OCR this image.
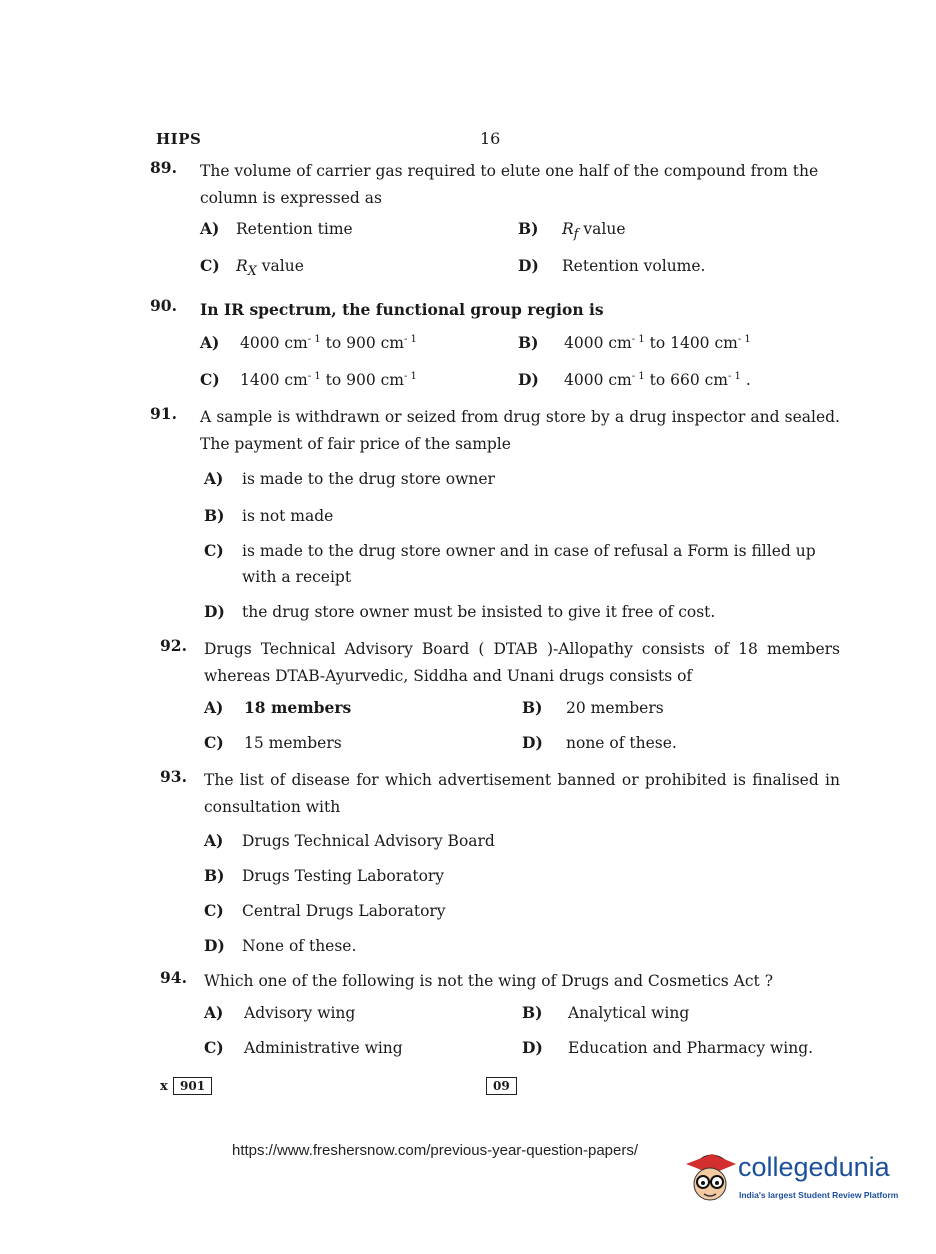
HIPS	16
89.	The volume of carrier gas required to elute one half of the compound from the column is expressed as
A) Retention time	B) $R_f$ value
C) $R_X$ value	D) Retention volume.
90.	In IR spectrum, the functional group region is
A) 4000 $cm^{- 1}$ to 900 $cm^{- 1}$	B) 4000 $cm^{- 1}$ to 1400 $cm^{- 1}$
C) 1400 $cm^{- 1}$ to 900 $cm^{- 1}$	D) 4000 $cm^{- 1}$ to 660 $cm^{- 1}$ .
91.	A sample is withdrawn or seized from drug store by a drug inspector and sealed. The payment of fair price of the sample
A) is made to the drug store owner
B) is not made
C) is made to the drug store owner and in case of refusal a Form is filled up with a receipt
D) the drug store owner must be insisted to give it free of cost.
92.	Drugs Technical Advisory Board ( DTAB )-Allopathy consists of 18 members whereas DTAB-Ayurvedic, Siddha and Unani drugs consists of
A) 18 members	B) 20 members
C) 15 members	D) none of these.
93.	The list of disease for which advertisement banned or prohibited is finalised in consultation with
A) Drugs Technical Advisory Board
B) Drugs Testing Laboratory
C) Central Drugs Laboratory
D) None of these.
94.	Which one of the following is not the wing of Drugs and Cosmetics Act ?
A) Advisory wing	B) Analytical wing
C) Administrative wing	D) Education and Pharmacy wing.
x	901	09
https://www.freshersnow.com/previous-year-question-papers/
collegedunia
India's largest Student Review Platform
